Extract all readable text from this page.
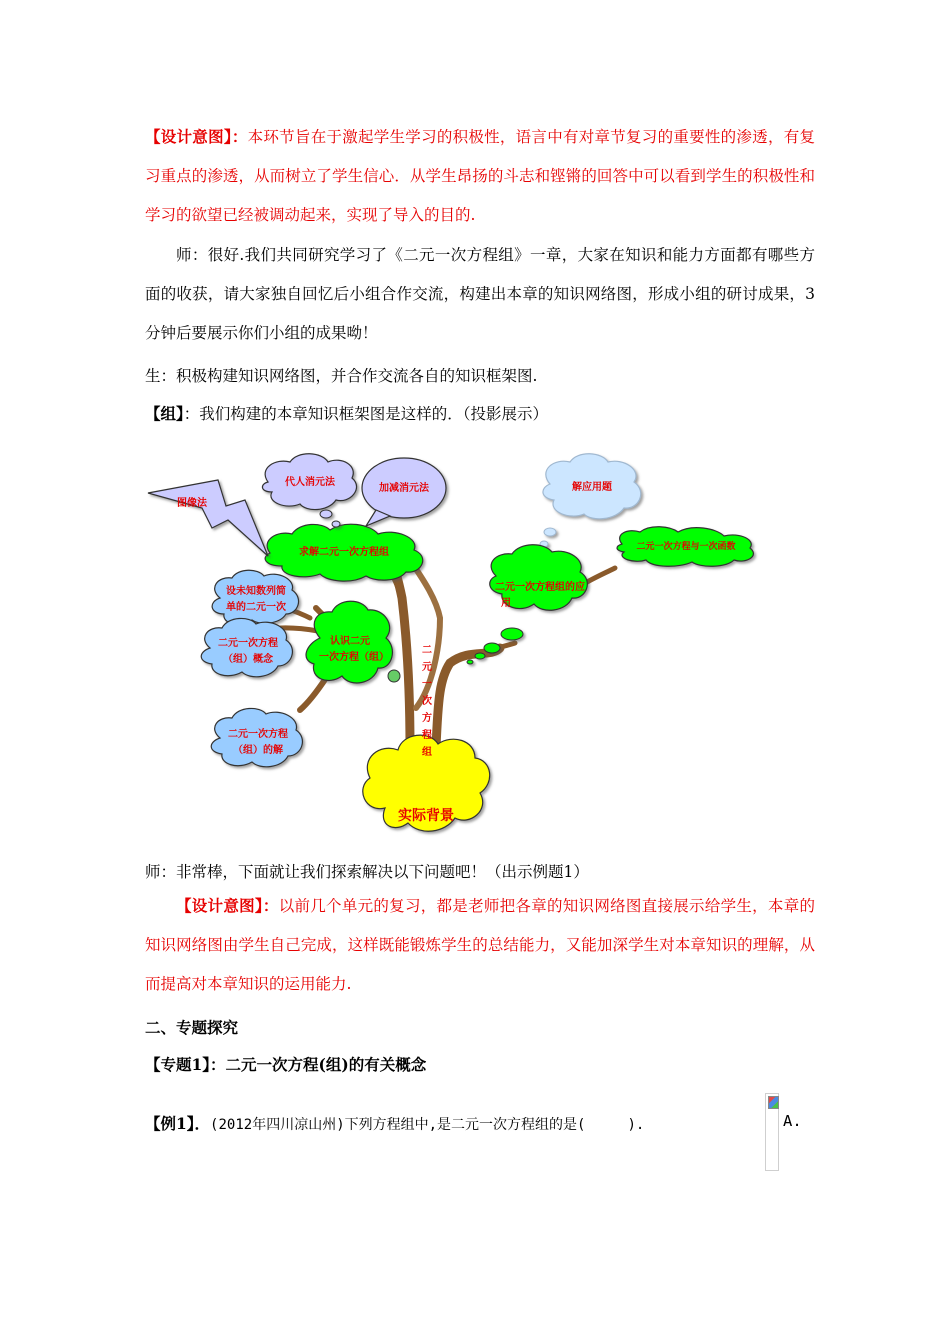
【设计意图】：本环节旨在于激起学生学习的积极性，语言中有对章节复习的重要性的渗透，有复习重点的渗透，从而树立了学生信心．从学生昂扬的斗志和铿锵的回答中可以看到学生的积极性和学习的欲望已经被调动起来，实现了导入的目的.
师：很好.我们共同研究学习了《二元一次方程组》一章，大家在知识和能力方面都有哪些方面的收获，请大家独自回忆后小组合作交流，构建出本章的知识网络图，形成小组的研讨成果，3分钟后要展示你们小组的成果呦！
生：积极构建知识网络图，并合作交流各自的知识框架图.
【组】：我们构建的本章知识框架图是这样的．（投影展示）
实际背景
求解二元一次方程组
代人消元法
加减消元法
图像法
设未知数列简
单的二元一次
二元一次方程
（组）概念
二元一次方程
（组）的解
认识二元
一次方程（组）
二
元
一
次
方
程
组
解应用题
二元一次方程与一次函数
二元一次方程组的应
用
师：非常棒，下面就让我们探索解决以下问题吧！（出示例题1）
【设计意图】：以前几个单元的复习，都是老师把各章的知识网络图直接展示给学生，本章的知识网络图由学生自己完成，这样既能锻炼学生的总结能力，又能加深学生对本章知识的理解，从而提高对本章知识的运用能力.
二、专题探究
【专题1】：二元一次方程(组)的有关概念
【例1】．(2012年四川凉山州)下列方程组中,是二元一次方程组的是(　　　).	A.
